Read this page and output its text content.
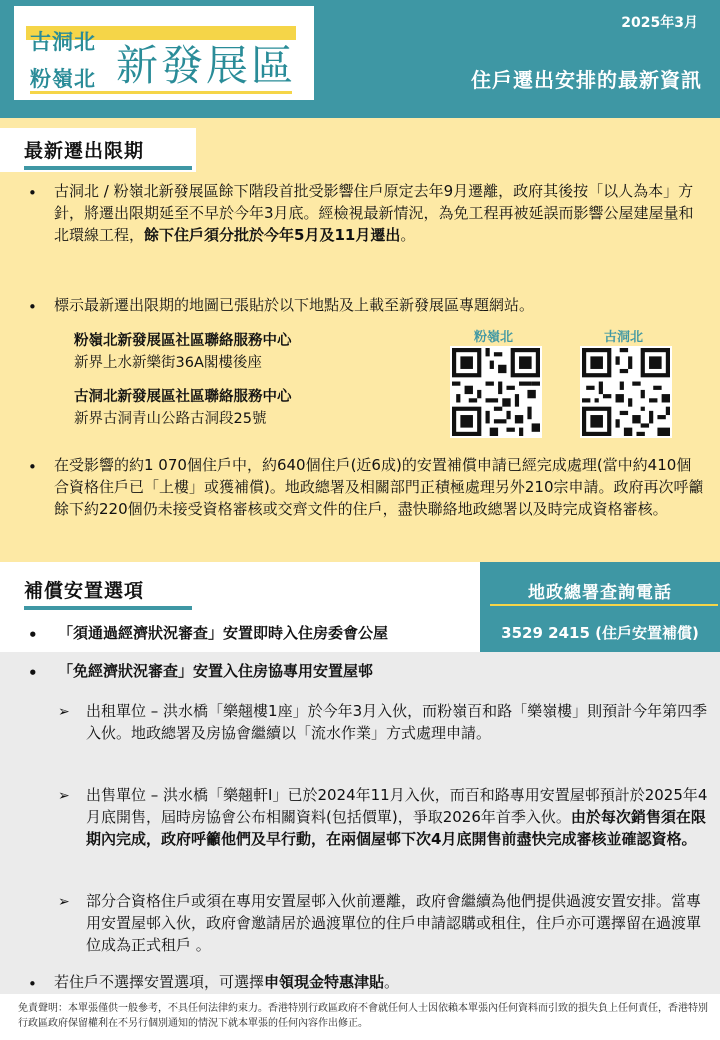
古洞北
粉嶺北 新發展區
2025年3月
住戶遷出安排的最新資訊
最新遷出限期
• 古洞北 / 粉嶺北新發展區餘下階段首批受影響住戶原定去年9月遷離，政府其後按「以人為本」方針，將遷出限期延至不早於今年3月底。經檢視最新情況，為免工程再被延誤而影響公屋建屋量和北環線工程，餘下住戶須分批於今年5月及11月遷出。
• 標示最新遷出限期的地圖已張貼於以下地點及上載至新發展區專題網站。
粉嶺北新發展區社區聯絡服務中心
新界上水新樂街36A閣樓後座
古洞北新發展區社區聯絡服務中心
新界古洞青山公路古洞段25號
粉嶺北	古洞北
• 在受影響的約1 070個住戶中，約640個住戶(近6成)的安置補償申請已經完成處理(當中約410個合資格住戶已「上樓」或獲補償)。地政總署及相關部門正積極處理另外210宗申請。政府再次呼籲餘下約220個仍未接受資格審核或交齊文件的住戶，盡快聯絡地政總署以及時完成資格審核。
補償安置選項	地政總署查詢電話
3529 2415 (住戶安置補償)
• 「須通過經濟狀況審查」安置即時入住房委會公屋
• 「免經濟狀況審查」安置入住房協專用安置屋邨
➢ 出租單位 – 洪水橋「樂翹樓1座」於今年3月入伙，而粉嶺百和路「樂嶺樓」則預計今年第四季入伙。地政總署及房協會繼續以「流水作業」方式處理申請。
➢ 出售單位 – 洪水橋「樂翹軒I」已於2024年11月入伙，而百和路專用安置屋邨預計於2025年4月底開售，屆時房協會公布相關資料(包括價單)，爭取2026年首季入伙。由於每次銷售須在限期內完成，政府呼籲他們及早行動，在兩個屋邨下次4月底開售前盡快完成審核並確認資格。
➢ 部分合資格住戶或須在專用安置屋邨入伙前遷離，政府會繼續為他們提供過渡安置安排。當專用安置屋邨入伙，政府會邀請居於過渡單位的住戶申請認購或租住，住戶亦可選擇留在過渡單位成為正式租戶 。
• 若住戶不選擇安置選項，可選擇申領現金特惠津貼。
免責聲明：本單張僅供一般參考，不具任何法律約束力。香港特別行政區政府不會就任何人士因依賴本單張內任何資料而引致的損失負上任何責任，香港特別行政區政府保留權利在不另行個別通知的情況下就本單張的任何內容作出修正。
